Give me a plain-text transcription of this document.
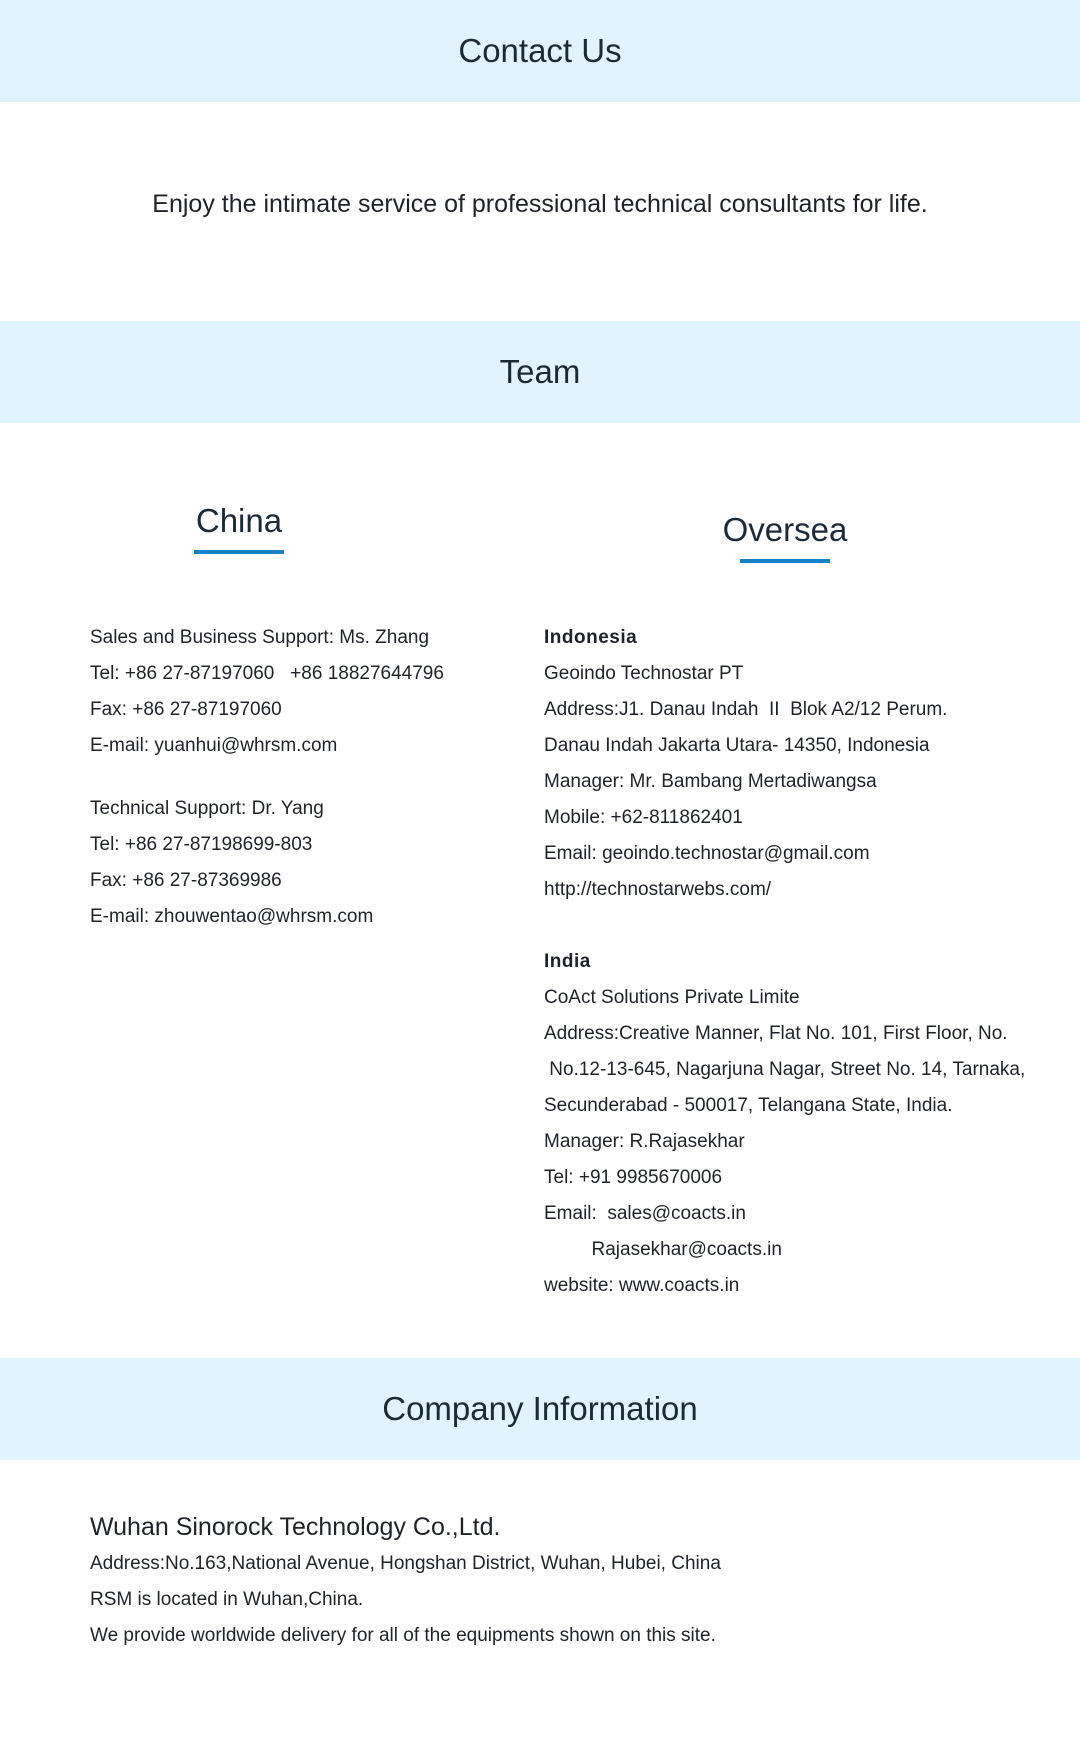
Contact Us
Enjoy the intimate service of professional technical consultants for life.
Team
China
Sales and Business Support: Ms. Zhang
Tel: +86 27-87197060   +86 18827644796
Fax: +86 27-87197060
E-mail: yuanhui@whrsm.com
Technical Support: Dr. Yang
Tel: +86 27-87198699-803
Fax: +86 27-87369986
E-mail: zhouwentao@whrsm.com
Oversea
Indonesia
Geoindo Technostar PT
Address:J1. Danau Indah  II  Blok A2/12 Perum.
Danau Indah Jakarta Utara- 14350, Indonesia
Manager: Mr. Bambang Mertadiwangsa
Mobile: +62-811862401
Email: geoindo.technostar@gmail.com
http://technostarwebs.com/
India
CoAct Solutions Private Limite
Address:Creative Manner, Flat No. 101, First Floor, No.
No.12-13-645, Nagarjuna Nagar, Street No. 14, Tarnaka,
Secunderabad - 500017, Telangana State, India.
Manager: R.Rajasekhar
Tel: +91 9985670006
Email:  sales@coacts.in
Rajasekhar@coacts.in
website: www.coacts.in
Company Information
Wuhan Sinorock Technology Co.,Ltd.
Address:No.163,National Avenue, Hongshan District, Wuhan, Hubei, China
RSM is located in Wuhan,China.
We provide worldwide delivery for all of the equipments shown on this site.
